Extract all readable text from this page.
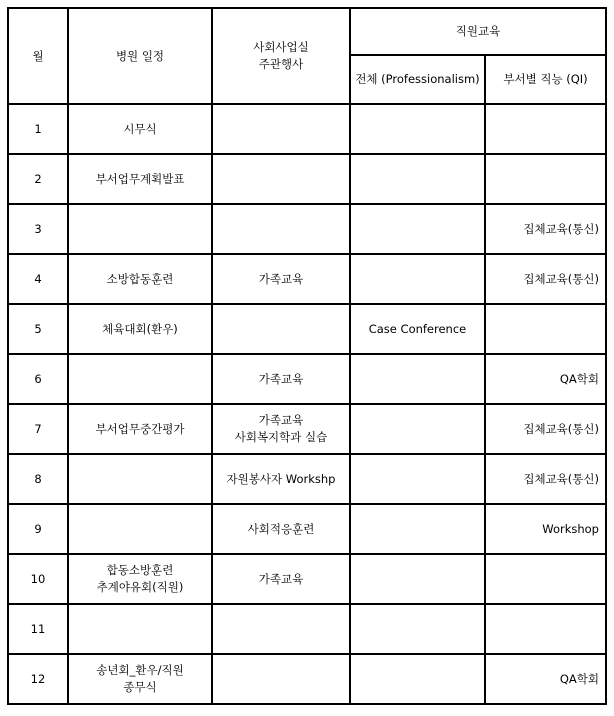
월	병원 일정	사회사업실
주관행사	직원교육	
			전체 (Professionalism)	부서별 직능 (QI)
1	시무식			

2	부서업무계획발표			

3				집체교육(통신)
4	소방합동훈련	가족교육		집체교육(통신)
5	체육대회(환우)		Case Conference	
6		가족교육		QA학회
7	부서업무중간평가	가족교육
사회복지학과 실습		집체교육(통신)
8		자원봉사자 Workshp		집체교육(통신)
9		사회적응훈련		Workshop
10	합동소방훈련
추계야유회(직원)	가족교육		

11				
12	송년회_환우/직원
종무식			QA학회
